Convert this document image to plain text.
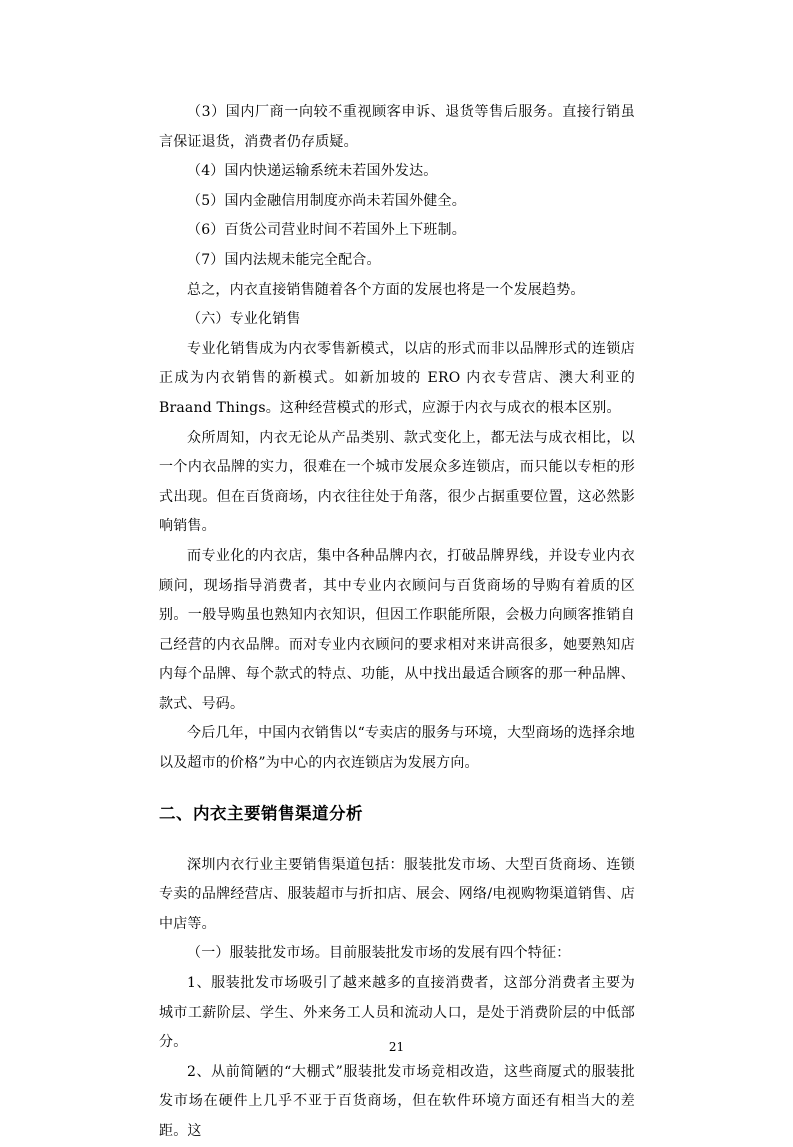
（3）国内厂商一向较不重视顾客申诉、退货等售后服务。直接行销虽言保证退货，消费者仍存质疑。

（4）国内快递运输系统未若国外发达。

（5）国内金融信用制度亦尚未若国外健全。

（6）百货公司营业时间不若国外上下班制。

（7）国内法规未能完全配合。

总之，内衣直接销售随着各个方面的发展也将是一个发展趋势。

（六）专业化销售

专业化销售成为内衣零售新模式，以店的形式而非以品牌形式的连锁店正成为内衣销售的新模式。如新加坡的 ERO 内衣专营店、澳大利亚的 Braand Things。这种经营模式的形式，应源于内衣与成衣的根本区别。

众所周知，内衣无论从产品类别、款式变化上，都无法与成衣相比，以一个内衣品牌的实力，很难在一个城市发展众多连锁店，而只能以专柜的形式出现。但在百货商场，内衣往往处于角落，很少占据重要位置，这必然影响销售。

而专业化的内衣店，集中各种品牌内衣，打破品牌界线，并设专业内衣顾问，现场指导消费者，其中专业内衣顾问与百货商场的导购有着质的区别。一般导购虽也熟知内衣知识，但因工作职能所限，会极力向顾客推销自己经营的内衣品牌。而对专业内衣顾问的要求相对来讲高很多，她要熟知店内每个品牌、每个款式的特点、功能，从中找出最适合顾客的那一种品牌、款式、号码。

今后几年，中国内衣销售以“专卖店的服务与环境，大型商场的选择余地以及超市的价格”为中心的内衣连锁店为发展方向。

二、内衣主要销售渠道分析

深圳内衣行业主要销售渠道包括：服装批发市场、大型百货商场、连锁专卖的品牌经营店、服装超市与折扣店、展会、网络/电视购物渠道销售、店中店等。

（一）服装批发市场。目前服装批发市场的发展有四个特征：

1、服装批发市场吸引了越来越多的直接消费者，这部分消费者主要为城市工薪阶层、学生、外来务工人员和流动人口，是处于消费阶层的中低部分。

2、从前简陋的“大棚式”服装批发市场竞相改造，这些商厦式的服装批发市场在硬件上几乎不亚于百货商场，但在软件环境方面还有相当大的差距。这

21
